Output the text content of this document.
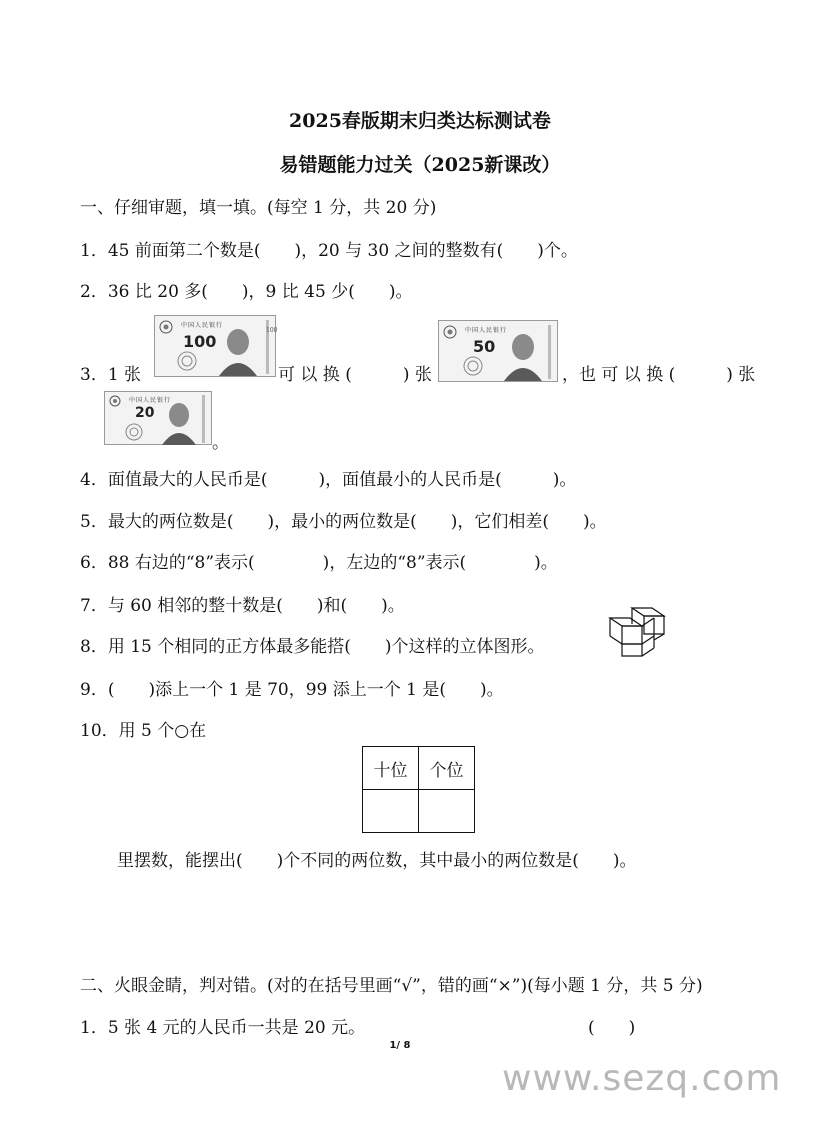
2025春版期末归类达标测试卷
易错题能力过关（2025新课改）
一、仔细审题，填一填。(每空 1 分，共 20 分)
1．45 前面第二个数是(　　)，20 与 30 之间的整数有(　　)个。
2．36 比 20 多(　　)，9 比 45 少(　　)。
3．1 张
中国人民银行
100
100
可 以 换 (　　　) 张
中国人民银行
50
，也 可 以 换 (　　　) 张
中国人民银行
20
。
4．面值最大的人民币是(　　　)，面值最小的人民币是(　　　)。
5．最大的两位数是(　　)，最小的两位数是(　　)，它们相差(　　)。
6．88 右边的“8”表示(　　　　)，左边的“8”表示(　　　　)。
7．与 60 相邻的整十数是(　　)和(　　)。
8．用 15 个相同的正方体最多能搭(　　)个这样的立体图形。
9．(　　)添上一个 1 是 70，99 添上一个 1 是(　　)。
10．用 5 个○在
十位	个位

里摆数，能摆出(　　)个不同的两位数，其中最小的两位数是(　　)。
二、火眼金睛，判对错。(对的在括号里画“√”，错的画“×”)(每小题 1 分，共 5 分)
1．5 张 4 元的人民币一共是 20 元。	(　　)
1/ 8
www.sezq.com
